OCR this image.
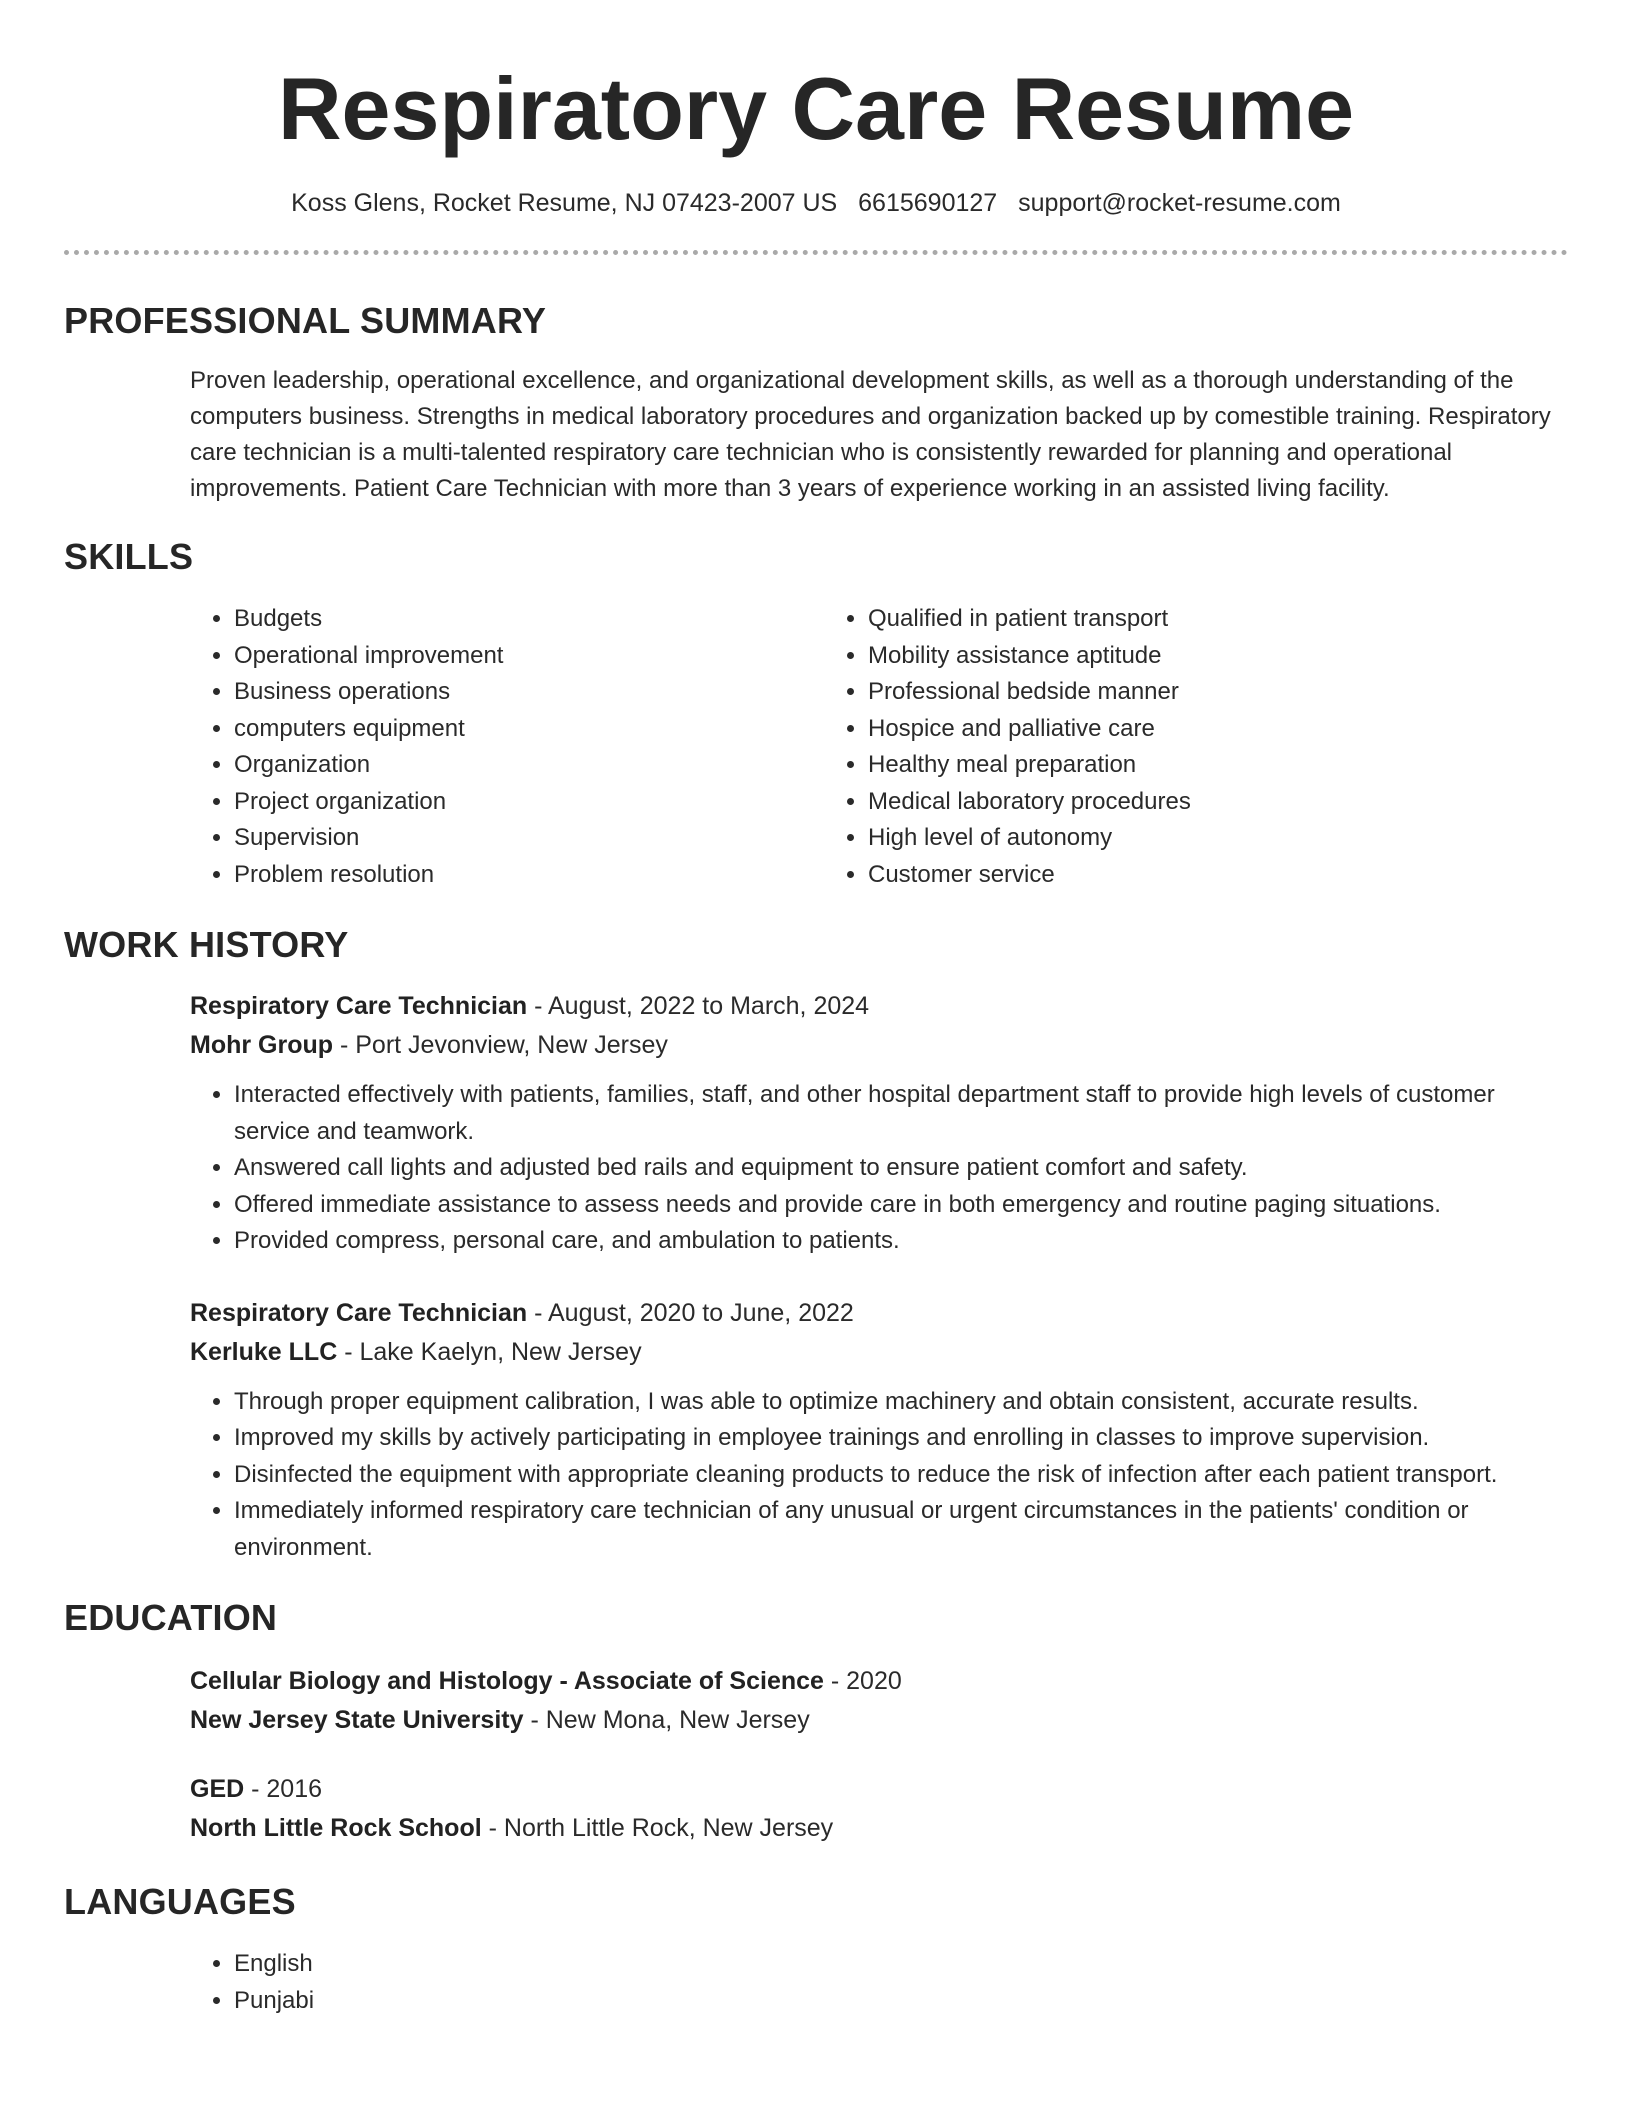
Respiratory Care Resume
Koss Glens, Rocket Resume, NJ 07423-2007 US 6615690127 support@rocket-resume.com
PROFESSIONAL SUMMARY
Proven leadership, operational excellence, and organizational development skills, as well as a thorough understanding of the computers business. Strengths in medical laboratory procedures and organization backed up by comestible training. Respiratory care technician is a multi-talented respiratory care technician who is consistently rewarded for planning and operational improvements. Patient Care Technician with more than 3 years of experience working in an assisted living facility.
SKILLS
• Budgets
• Operational improvement
• Business operations
• computers equipment
• Organization
• Project organization
• Supervision
• Problem resolution
• Qualified in patient transport
• Mobility assistance aptitude
• Professional bedside manner
• Hospice and palliative care
• Healthy meal preparation
• Medical laboratory procedures
• High level of autonomy
• Customer service
WORK HISTORY
Respiratory Care Technician - August, 2022 to March, 2024
Mohr Group - Port Jevonview, New Jersey
• Interacted effectively with patients, families, staff, and other hospital department staff to provide high levels of customer service and teamwork.
• Answered call lights and adjusted bed rails and equipment to ensure patient comfort and safety.
• Offered immediate assistance to assess needs and provide care in both emergency and routine paging situations.
• Provided compress, personal care, and ambulation to patients.
Respiratory Care Technician - August, 2020 to June, 2022
Kerluke LLC - Lake Kaelyn, New Jersey
• Through proper equipment calibration, I was able to optimize machinery and obtain consistent, accurate results.
• Improved my skills by actively participating in employee trainings and enrolling in classes to improve supervision.
• Disinfected the equipment with appropriate cleaning products to reduce the risk of infection after each patient transport.
• Immediately informed respiratory care technician of any unusual or urgent circumstances in the patients' condition or environment.
EDUCATION
Cellular Biology and Histology - Associate of Science - 2020
New Jersey State University - New Mona, New Jersey
GED - 2016
North Little Rock School - North Little Rock, New Jersey
LANGUAGES
• English
• Punjabi
